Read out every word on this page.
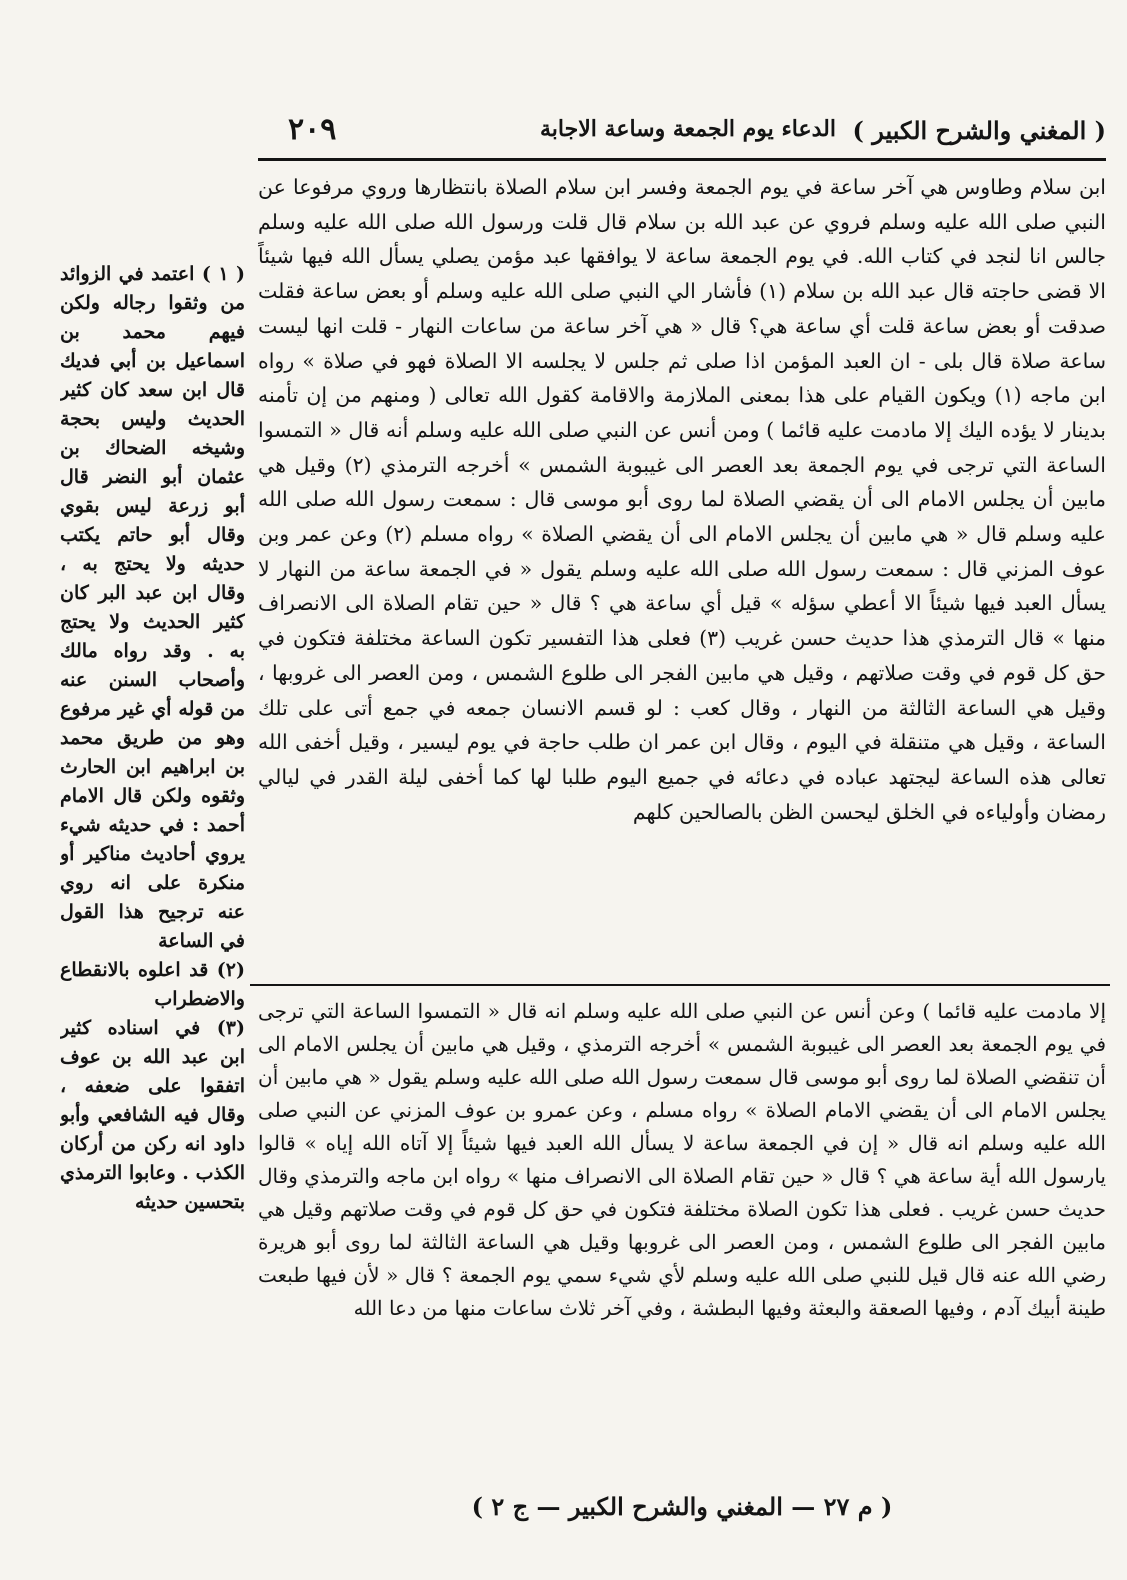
( المغني والشرح الكبير )
الدعاء يوم الجمعة وساعة الاجابة
٢٠٩

ابن سلام وطاوس هي آخر ساعة في يوم الجمعة وفسر ابن سلام الصلاة بانتظارها وروي مرفوعا عن النبي صلى الله عليه وسلم فروي عن عبد الله بن سلام قال قلت ورسول الله صلى الله عليه وسلم جالس انا لنجد في كتاب الله. في يوم الجمعة ساعة لا يوافقها عبد مؤمن يصلي يسأل الله فيها شيئاً الا قضى حاجته قال عبد الله بن سلام (١) فأشار الي النبي صلى الله عليه وسلم أو بعض ساعة فقلت صدقت أو بعض ساعة قلت أي ساعة هي؟ قال « هي آخر ساعة من ساعات النهار - قلت انها ليست ساعة صلاة قال بلى - ان العبد المؤمن اذا صلى ثم جلس لا يجلسه الا الصلاة فهو في صلاة » رواه ابن ماجه (١) ويكون القيام على هذا بمعنى الملازمة والاقامة كقول الله تعالى ( ومنهم من إن تأمنه بدينار لا يؤده اليك إلا مادمت عليه قائما ) ومن أنس عن النبي صلى الله عليه وسلم أنه قال « التمسوا الساعة التي ترجى في يوم الجمعة بعد العصر الى غيبوبة الشمس » أخرجه الترمذي (٢) وقيل هي مابين أن يجلس الامام الى أن يقضي الصلاة لما روى أبو موسى قال : سمعت رسول الله صلى الله عليه وسلم قال « هي مابين أن يجلس الامام الى أن يقضي الصلاة » رواه مسلم (٢) وعن عمر وبن عوف المزني قال : سمعت رسول الله صلى الله عليه وسلم يقول « في الجمعة ساعة من النهار لا يسأل العبد فيها شيئاً الا أعطي سؤله » قيل أي ساعة هي ؟ قال « حين تقام الصلاة الى الانصراف منها » قال الترمذي هذا حديث حسن غريب (٣) فعلى هذا التفسير تكون الساعة مختلفة فتكون في حق كل قوم في وقت صلاتهم ، وقيل هي مابين الفجر الى طلوع الشمس ، ومن العصر الى غروبها ، وقيل هي الساعة الثالثة من النهار ، وقال كعب : لو قسم الانسان جمعه في جمع أتى على تلك الساعة ، وقيل هي متنقلة في اليوم ، وقال ابن عمر ان طلب حاجة في يوم ليسير ، وقيل أخفى الله تعالى هذه الساعة ليجتهد عباده في دعائه في جميع اليوم طلبا لها كما أخفى ليلة القدر في ليالي رمضان وأولياءه في الخلق ليحسن الظن بالصالحين كلهم

إلا مادمت عليه قائما ) وعن أنس عن النبي صلى الله عليه وسلم انه قال « التمسوا الساعة التي ترجى في يوم الجمعة بعد العصر الى غيبوبة الشمس » أخرجه الترمذي ، وقيل هي مابين أن يجلس الامام الى أن تنقضي الصلاة لما روى أبو موسى قال سمعت رسول الله صلى الله عليه وسلم يقول « هي مابين أن يجلس الامام الى أن يقضي الامام الصلاة » رواه مسلم ، وعن عمرو بن عوف المزني عن النبي صلى الله عليه وسلم انه قال « إن في الجمعة ساعة لا يسأل الله العبد فيها شيئاً إلا آتاه الله إياه » قالوا يارسول الله أية ساعة هي ؟ قال « حين تقام الصلاة الى الانصراف منها » رواه ابن ماجه والترمذي وقال حديث حسن غريب . فعلى هذا تكون الصلاة مختلفة فتكون في حق كل قوم في وقت صلاتهم وقيل هي مابين الفجر الى طلوع الشمس ، ومن العصر الى غروبها وقيل هي الساعة الثالثة لما روى أبو هريرة رضي الله عنه قال قيل للنبي صلى الله عليه وسلم لأي شيء سمي يوم الجمعة ؟ قال « لأن فيها طبعت طينة أبيك آدم ، وفيها الصعقة والبعثة وفيها البطشة ، وفي آخر ثلاث ساعات منها من دعا الله

( ١ ) اعتمد في الزوائد من وثقوا رجاله ولكن فيهم محمد بن اسماعيل بن أبي فديك قال ابن سعد كان كثير الحديث وليس بحجة وشيخه الضحاك بن عثمان أبو النضر قال أبو زرعة ليس بقوي وقال أبو حاتم يكتب حديثه ولا يحتج به ، وقال ابن عبد البر كان كثير الحديث ولا يحتج به . وقد رواه مالك وأصحاب السنن عنه من قوله أي غير مرفوع وهو من طريق محمد بن ابراهيم ابن الحارث وثقوه ولكن قال الامام أحمد : في حديثه شيء يروي أحاديث مناكير أو منكرة على انه روي عنه ترجيح هذا القول في الساعة

(٢) قد اعلوه بالانقطاع والاضطراب

(٣) في اسناده كثير ابن عبد الله بن عوف اتفقوا على ضعفه ، وقال فيه الشافعي وأبو داود انه ركن من أركان الكذب . وعابوا الترمذي بتحسين حديثه

( م ٢٧ — المغني والشرح الكبير — ج ٢ )
